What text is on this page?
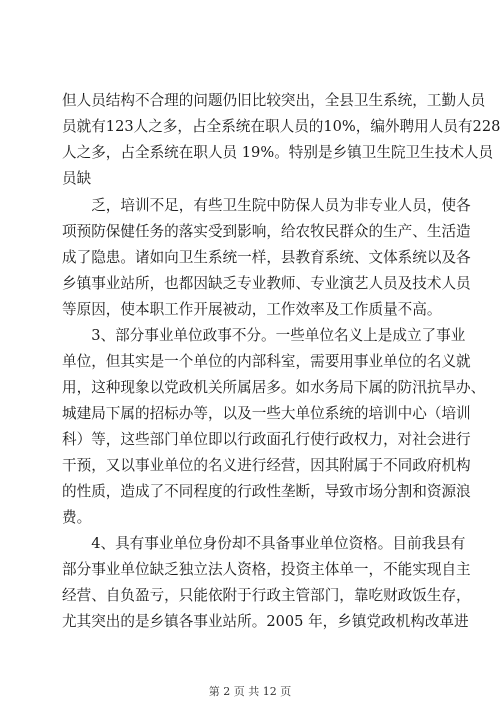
但人员结构不合理的问题仍旧比较突出，全县卫生系统，工勤人员
员就有123人之多，占全系统在职人员的10%，编外聘用人员有228
人之多，占全系统在职人员 19%。特别是乡镇卫生院卫生技术人员
员缺
　　乏，培训不足，有些卫生院中防保人员为非专业人员，使各
项预防保健任务的落实受到影响，给农牧民群众的生产、生活造
成了隐患。诸如向卫生系统一样，县教育系统、文体系统以及各
乡镇事业站所，也都因缺乏专业教师、专业演艺人员及技术人员
等原因，使本职工作开展被动，工作效率及工作质量不高。
　　3、部分事业单位政事不分。一些单位名义上是成立了事业
单位，但其实是一个单位的内部科室，需要用事业单位的名义就
用，这种现象以党政机关所属居多。如水务局下属的防汛抗旱办、
城建局下属的招标办等，以及一些大单位系统的培训中心（培训
科）等，这些部门单位即以行政面孔行使行政权力，对社会进行
干预，又以事业单位的名义进行经营，因其附属于不同政府机构
的性质，造成了不同程度的行政性垄断，导致市场分割和资源浪
费。
　　4、具有事业单位身份却不具备事业单位资格。目前我县有
部分事业单位缺乏独立法人资格，投资主体单一，不能实现自主
经营、自负盈亏，只能依附于行政主管部门，靠吃财政饭生存，
尤其突出的是乡镇各事业站所。2005 年，乡镇党政机构改革进
第 2 页 共 12 页
